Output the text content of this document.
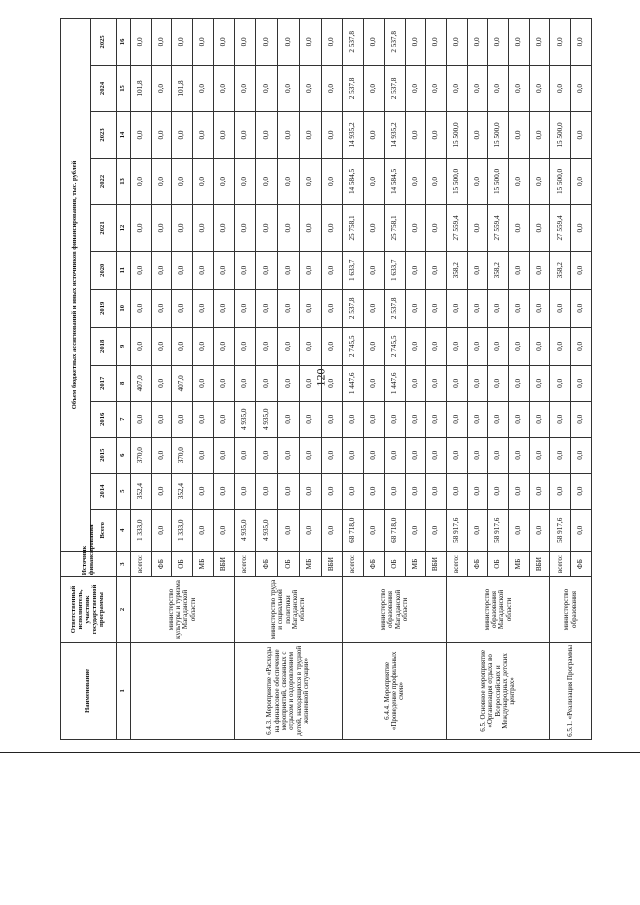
120
Наименование	Ответственный исполнитель, участник государственной программы	Источник финансирования	Объем бюджетных ассигнований и иных источников финансирования, тыс. рублей												
			Всего	2014	2015	2016	2017	2018	2019	2020	2021	2022	2023	2024	2025
1	2	3	4	5	6	7	8	9	10	11	12	13	14	15	16
	министерство культуры и туризма Магаданской области	всего:	1 333,0	352,4	370,0	0,0	407,0	0,0	0,0	0,0	0,0	0,0	0,0	101,8	0,0
		ФБ	0,0	0,0	0,0	0,0	0,0	0,0	0,0	0,0	0,0	0,0	0,0	0,0	0,0
		ОБ	1 333,0	352,4	370,0	0,0	407,0	0,0	0,0	0,0	0,0	0,0	0,0	101,8	0,0
		МБ	0,0	0,0	0,0	0,0	0,0	0,0	0,0	0,0	0,0	0,0	0,0	0,0	0,0
		ВБИ	0,0	0,0	0,0	0,0	0,0	0,0	0,0	0,0	0,0	0,0	0,0	0,0	0,0
6.4.3. Мероприятие «Расходы на финансовое обеспечение мероприятий, связанных с отдыхом и оздоровлением детей, находящихся в трудной жизненной ситуации»	министерство труда и социальной политики Магаданской области	всего:	4 935,0	0,0	0,0	4 935,0	0,0	0,0	0,0	0,0	0,0	0,0	0,0	0,0	0,0
		ФБ	4 935,0	0,0	0,0	4 935,0	0,0	0,0	0,0	0,0	0,0	0,0	0,0	0,0	0,0
		ОБ	0,0	0,0	0,0	0,0	0,0	0,0	0,0	0,0	0,0	0,0	0,0	0,0	0,0
		МБ	0,0	0,0	0,0	0,0	0,0	0,0	0,0	0,0	0,0	0,0	0,0	0,0	0,0
		ВБИ	0,0	0,0	0,0	0,0	0,0	0,0	0,0	0,0	0,0	0,0	0,0	0,0	0,0
6.4.4. Мероприятие «Проведение профильных смен»	министерство образования Магаданской области	всего:	68 718,0	0,0	0,0	0,0	1 447,6	2 745,5	2 537,8	1 633,7	25 758,1	14 584,5	14 935,2	2 537,8	2 537,8
		ФБ	0,0	0,0	0,0	0,0	0,0	0,0	0,0	0,0	0,0	0,0	0,0	0,0	0,0
		ОБ	68 718,0	0,0	0,0	0,0	1 447,6	2 745,5	2 537,8	1 633,7	25 758,1	14 584,5	14 935,2	2 537,8	2 537,8
		МБ	0,0	0,0	0,0	0,0	0,0	0,0	0,0	0,0	0,0	0,0	0,0	0,0	0,0
		ВБИ	0,0	0,0	0,0	0,0	0,0	0,0	0,0	0,0	0,0	0,0	0,0	0,0	0,0
6.5. Основное мероприятие «Организация отдыха во Всероссийских и Международных детских центрах»	министерство образования Магаданской области	всего:	58 917,6	0,0	0,0	0,0	0,0	0,0	0,0	358,2	27 559,4	15 500,0	15 500,0	0,0	0,0
		ФБ	0,0	0,0	0,0	0,0	0,0	0,0	0,0	0,0	0,0	0,0	0,0	0,0	0,0
		ОБ	58 917,6	0,0	0,0	0,0	0,0	0,0	0,0	358,2	27 559,4	15 500,0	15 500,0	0,0	0,0
		МБ	0,0	0,0	0,0	0,0	0,0	0,0	0,0	0,0	0,0	0,0	0,0	0,0	0,0
		ВБИ	0,0	0,0	0,0	0,0	0,0	0,0	0,0	0,0	0,0	0,0	0,0	0,0	0,0
6.5.1. «Реализация Программы	министерство образования	всего:	58 917,6	0,0	0,0	0,0	0,0	0,0	0,0	358,2	27 559,4	15 500,0	15 500,0	0,0	0,0
		ФБ	0,0	0,0	0,0	0,0	0,0	0,0	0,0	0,0	0,0	0,0	0,0	0,0	0,0
